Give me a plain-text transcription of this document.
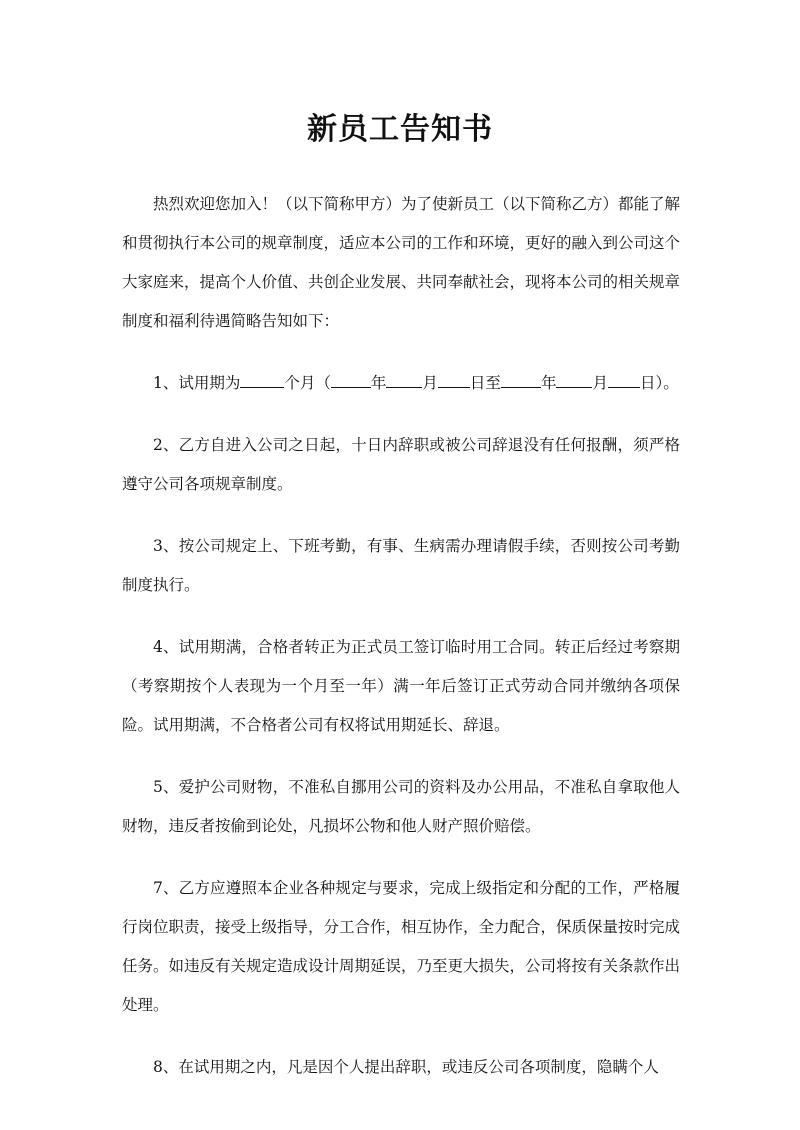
新员工告知书

热烈欢迎您加入！（以下简称甲方）为了使新员工（以下简称乙方）都能了解和贯彻执行本公司的规章制度，适应本公司的工作和环境，更好的融入到公司这个大家庭来，提高个人价值、共创企业发展、共同奉献社会，现将本公司的相关规章制度和福利待遇简略告知如下：

1、试用期为	个月（	年 月 日至	年 月 日）。

2、乙方自进入公司之日起，十日内辞职或被公司辞退没有任何报酬，须严格遵守公司各项规章制度。

3、按公司规定上、下班考勤，有事、生病需办理请假手续，否则按公司考勤制度执行。

4、试用期满，合格者转正为正式员工签订临时用工合同。转正后经过考察期（考察期按个人表现为一个月至一年）满一年后签订正式劳动合同并缴纳各项保险。试用期满，不合格者公司有权将试用期延长、辞退。

5、爱护公司财物，不准私自挪用公司的资料及办公用品，不准私自拿取他人财物，违反者按偷到论处，凡损坏公物和他人财产照价赔偿。

7、乙方应遵照本企业各种规定与要求，完成上级指定和分配的工作，严格履行岗位职责，接受上级指导，分工合作，相互协作，全力配合，保质保量按时完成任务。如违反有关规定造成设计周期延误，乃至更大损失，公司将按有关条款作出处理。

8、在试用期之内，凡是因个人提出辞职，或违反公司各项制度，隐瞒个人
